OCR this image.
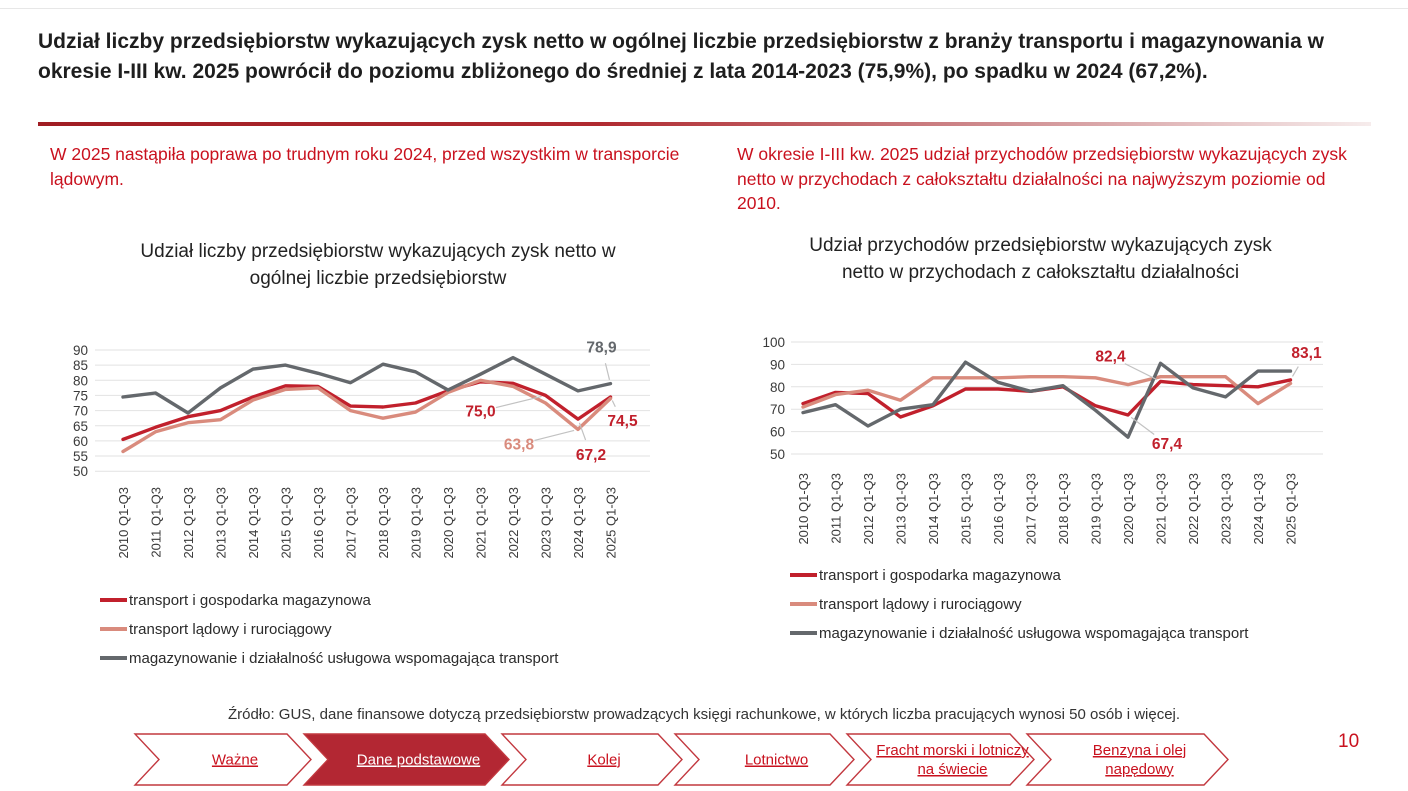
Udział liczby przedsiębiorstw wykazujących zysk netto w ogólnej liczbie przedsiębiorstw z branży transportu i magazynowania w okresie I-III kw. 2025 powrócił do poziomu zbliżonego do średniej z lata 2014-2023 (75,9%), po spadku w 2024 (67,2%).
W 2025 nastąpiła poprawa po trudnym roku 2024, przed wszystkim w transporcie lądowym.
W okresie I-III kw. 2025 udział przychodów przedsiębiorstw wykazujących zysk netto w przychodach z całokształtu działalności na najwyższym poziomie od 2010.
Udział liczby przedsiębiorstw wykazujących zysk netto w ogólnej liczbie przedsiębiorstw
Udział przychodów przedsiębiorstw wykazujących zysk netto w przychodach z całokształtu działalności
50
55
60
65
70
75
80
85
90
2010 Q1-Q3 2011 Q1-Q3 2012 Q1-Q3 2013 Q1-Q3 2014 Q1-Q3 2015 Q1-Q3 2016 Q1-Q3 2017 Q1-Q3 2018 Q1-Q3 2019 Q1-Q3 2020 Q1-Q3 2021 Q1-Q3 2022 Q1-Q3 2023 Q1-Q3 2024 Q1-Q3 2025 Q1-Q3
75,0
63,8
67,2
74,5
78,9
50
60
70
80
90
100
2010 Q1-Q3 2011 Q1-Q3 2012 Q1-Q3 2013 Q1-Q3 2014 Q1-Q3 2015 Q1-Q3 2016 Q1-Q3 2017 Q1-Q3 2018 Q1-Q3 2019 Q1-Q3 2020 Q1-Q3 2021 Q1-Q3 2022 Q1-Q3 2023 Q1-Q3 2024 Q1-Q3 2025 Q1-Q3
82,4
67,4
83,1
transport i gospodarka magazynowa
transport lądowy i rurociągowy
magazynowanie i działalność usługowa wspomagająca transport
transport i gospodarka magazynowa
transport lądowy i rurociągowy
magazynowanie i działalność usługowa wspomagająca transport
Źródło: GUS, dane finansowe dotyczą przedsiębiorstw prowadzących księgi rachunkowe, w których liczba pracujących wynosi 50 osób i więcej.
10
Ważne	Dane podstawowe	Kolej	Lotnictwo
Fracht morski i lotniczy
na świecie
Benzyna i olej
napędowy
